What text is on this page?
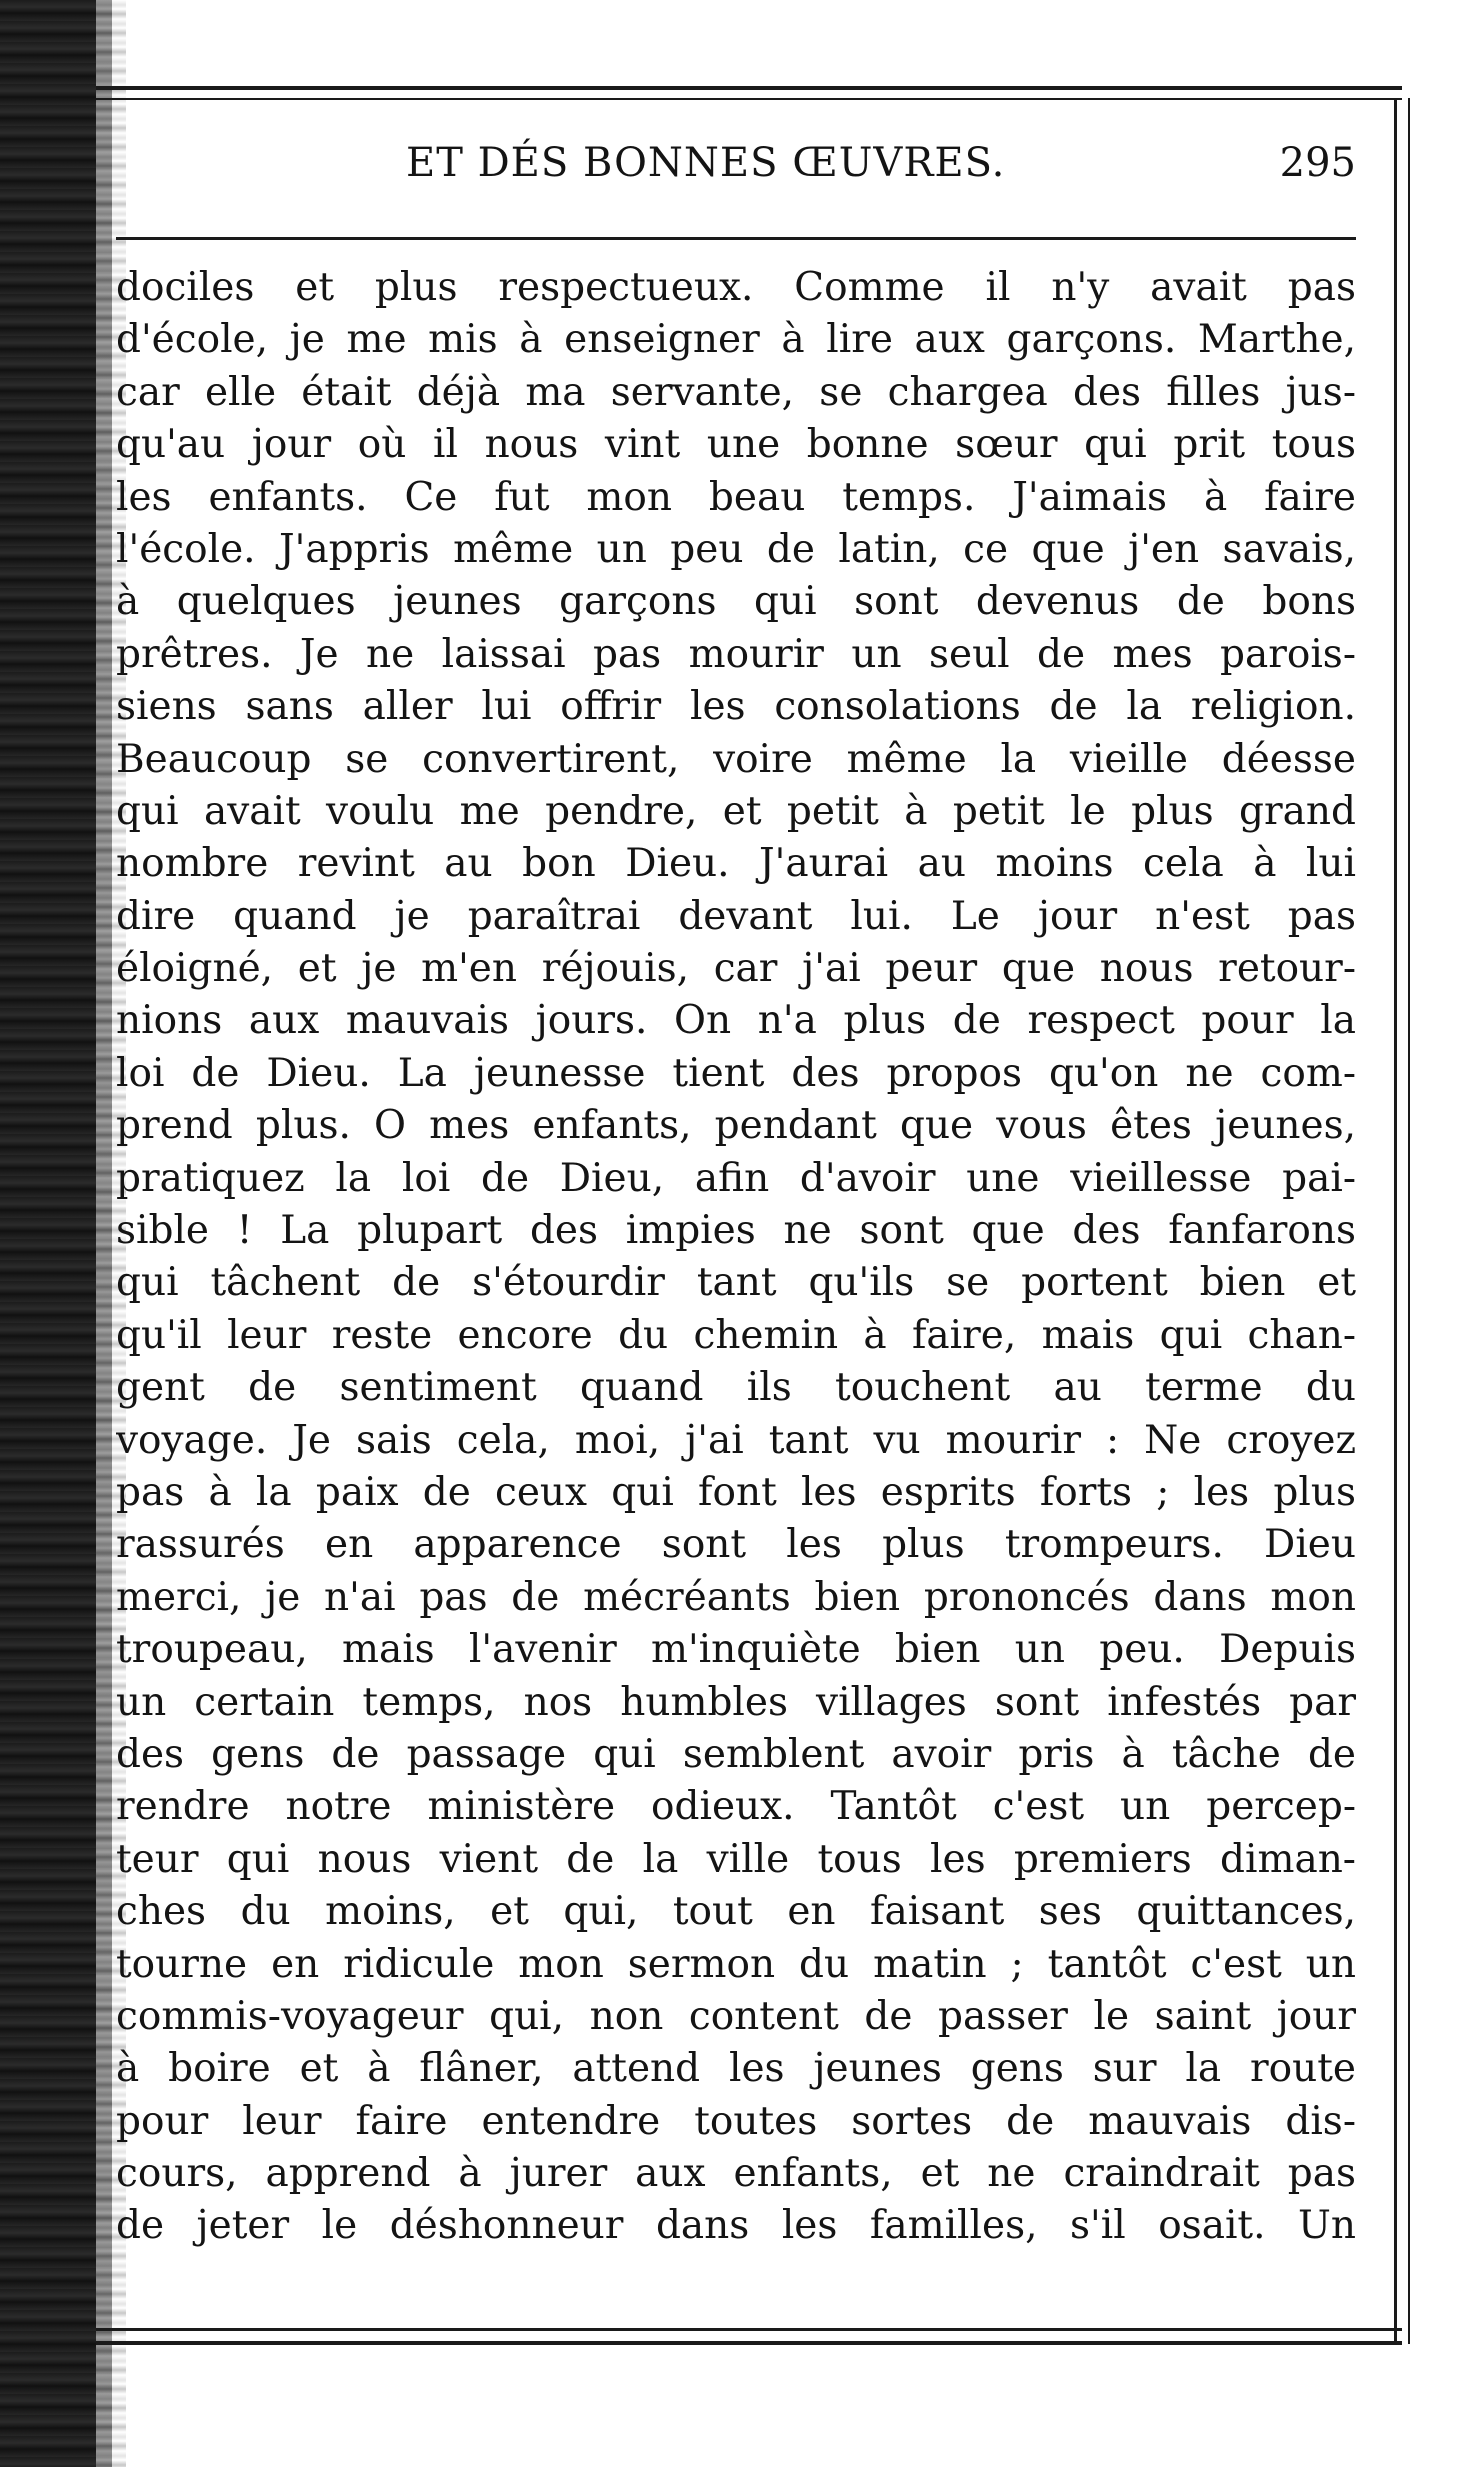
ET DÉS BONNES ŒUVRES.	295
dociles et plus respectueux. Comme il n'y avait pas
d'école, je me mis à enseigner à lire aux garçons. Marthe,
car elle était déjà ma servante, se chargea des filles jus-
qu'au jour où il nous vint une bonne sœur qui prit tous
les enfants. Ce fut mon beau temps. J'aimais à faire
l'école. J'appris même un peu de latin, ce que j'en savais,
à quelques jeunes garçons qui sont devenus de bons
prêtres. Je ne laissai pas mourir un seul de mes parois-
siens sans aller lui offrir les consolations de la religion.
Beaucoup se convertirent, voire même la vieille déesse
qui avait voulu me pendre, et petit à petit le plus grand
nombre revint au bon Dieu. J'aurai au moins cela à lui
dire quand je paraîtrai devant lui. Le jour n'est pas
éloigné, et je m'en réjouis, car j'ai peur que nous retour-
nions aux mauvais jours. On n'a plus de respect pour la
loi de Dieu. La jeunesse tient des propos qu'on ne com-
prend plus. O mes enfants, pendant que vous êtes jeunes,
pratiquez la loi de Dieu, afin d'avoir une vieillesse pai-
sible ! La plupart des impies ne sont que des fanfarons
qui tâchent de s'étourdir tant qu'ils se portent bien et
qu'il leur reste encore du chemin à faire, mais qui chan-
gent de sentiment quand ils touchent au terme du
voyage. Je sais cela, moi, j'ai tant vu mourir : Ne croyez
pas à la paix de ceux qui font les esprits forts ; les plus
rassurés en apparence sont les plus trompeurs. Dieu
merci, je n'ai pas de mécréants bien prononcés dans mon
troupeau, mais l'avenir m'inquiète bien un peu. Depuis
un certain temps, nos humbles villages sont infestés par
des gens de passage qui semblent avoir pris à tâche de
rendre notre ministère odieux. Tantôt c'est un percep-
teur qui nous vient de la ville tous les premiers diman-
ches du moins, et qui, tout en faisant ses quittances,
tourne en ridicule mon sermon du matin ; tantôt c'est un
commis-voyageur qui, non content de passer le saint jour
à boire et à flâner, attend les jeunes gens sur la route
pour leur faire entendre toutes sortes de mauvais dis-
cours, apprend à jurer aux enfants, et ne craindrait pas
de jeter le déshonneur dans les familles, s'il osait. Un
